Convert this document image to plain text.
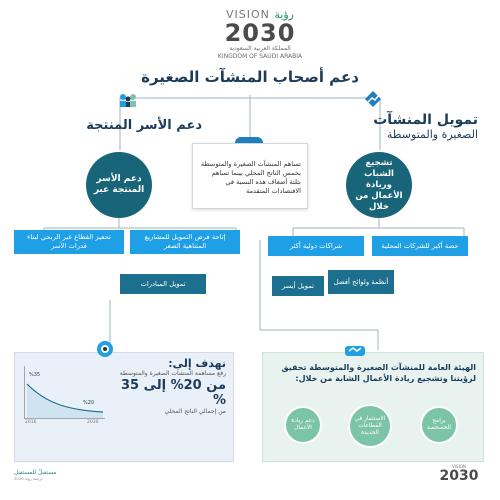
VISION رؤية
2030
المملكة العربية السعودية
KINGDOM OF SAUDI ARABIA
دعم أصحاب المنشآت الصغيرة
تمويل المنشآت
الصغيرة والمتوسطة
دعم الأسر المنتجة
تساهم المنشآت الصغيرة والمتوسطة بخمس الناتج المحلي بينما تساهم بثلثة أضعاف هذه النسبة في الاقتصادات المتقدمة
تشجيع الشباب وريادة الأعمال من خلال
دعم الأسر المنتجة عبر
حصة أكبر للشركات المحلية
شراكات دولية أكثر
أنظمة ولوائح أفضل
تمويل أيسر
إتاحة فرص التمويل للمشاريع المتناهية الصغر
تحفيز القطاع غير الربحي لبناء قدرات الأسر
تمويل المبادرات
الهيئة العامة للمنشآت الصغيرة والمتوسطة تحقيق لرؤيتنا وتشجيع ريادة الأعمال الشابة من خلال:
برامج الخصخصة
الاستثمار في القطاعات الجديدة
دعم ريادة الأعمال
نهدف إلى:
رفع مساهمة المنشآت الصغيرة والمتوسطة
من 20% إلى 35 %
من إجمالي الناتج المحلي
%35
%20
2016	2030
مستقبلٌ للمستقبل
ترجمة رؤية 2030
VISION
2030
